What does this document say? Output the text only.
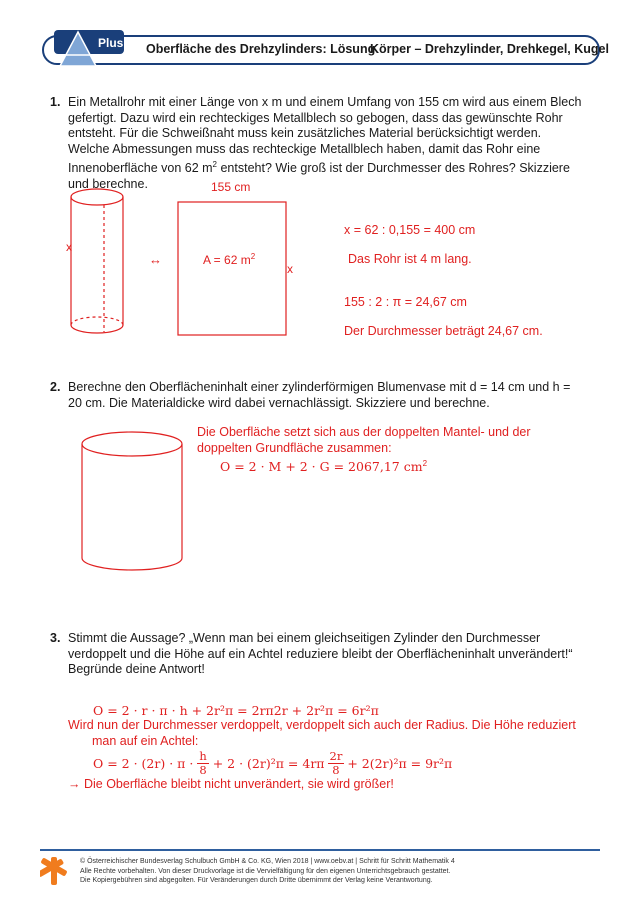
Plus Oberfläche des Drehzylinders: Lösung
Körper – Drehzylinder, Drehkegel, Kugel
1. Ein Metallrohr mit einer Länge von x m und einem Umfang von 155 cm wird aus einem Blech
gefertigt. Dazu wird ein rechteckiges Metallblech so gebogen, dass das gewünschte Rohr
entsteht. Für die Schweißnaht muss kein zusätzliches Material berücksichtigt werden.
Welche Abmessungen muss das rechteckige Metallblech haben, damit das Rohr eine
Innenoberfläche von 62 $m^2$ entsteht? Wie groß ist der Durchmesser des Rohres? Skizziere
und berechne.
x
↔
155 cm
A = 62 $m^2$
x
x = 62 : 0,155 = 400 cm
Das Rohr ist 4 m lang.
155 : 2 : π = 24,67 cm
Der Durchmesser beträgt 24,67 cm.
2. Berechne den Oberflächeninhalt einer zylinderförmigen Blumenvase mit d = 14 cm und h =
20 cm. Die Materialdicke wird dabei vernachlässigt. Skizziere und berechne.
Die Oberfläche setzt sich aus der doppelten Mantel- und der
doppelten Grundfläche zusammen:
O = 2 · M + 2 · G = 2067,17 $cm^2$
3. Stimmt die Aussage? „Wenn man bei einem gleichseitigen Zylinder den Durchmesser
verdoppelt und die Höhe auf ein Achtel reduziere bleibt der Oberflächeninhalt unverändert!“
Begründe deine Antwort!
O = 2 · r · π · h + 2r²π = 2rπ2r + 2r²π = 6r²π
Wird nun der Durchmesser verdoppelt, verdoppelt sich auch der Radius. Die Höhe reduziert
man auf ein Achtel:
O = 2 · (2r) · π · h
8 + 2 · (2r)²π = 4rπ 2r
8 + 2(2r)²π = 9r²π
→ Die Oberfläche bleibt nicht unverändert, sie wird größer!
© Österreichischer Bundesverlag Schulbuch GmbH & Co. KG, Wien 2018 | www.oebv.at | Schritt für Schritt Mathematik 4
Alle Rechte vorbehalten. Von dieser Druckvorlage ist die Vervielfältigung für den eigenen Unterrichtsgebrauch gestattet.
Die Kopiergebühren sind abgegolten. Für Veränderungen durch Dritte übernimmt der Verlag keine Verantwortung.
